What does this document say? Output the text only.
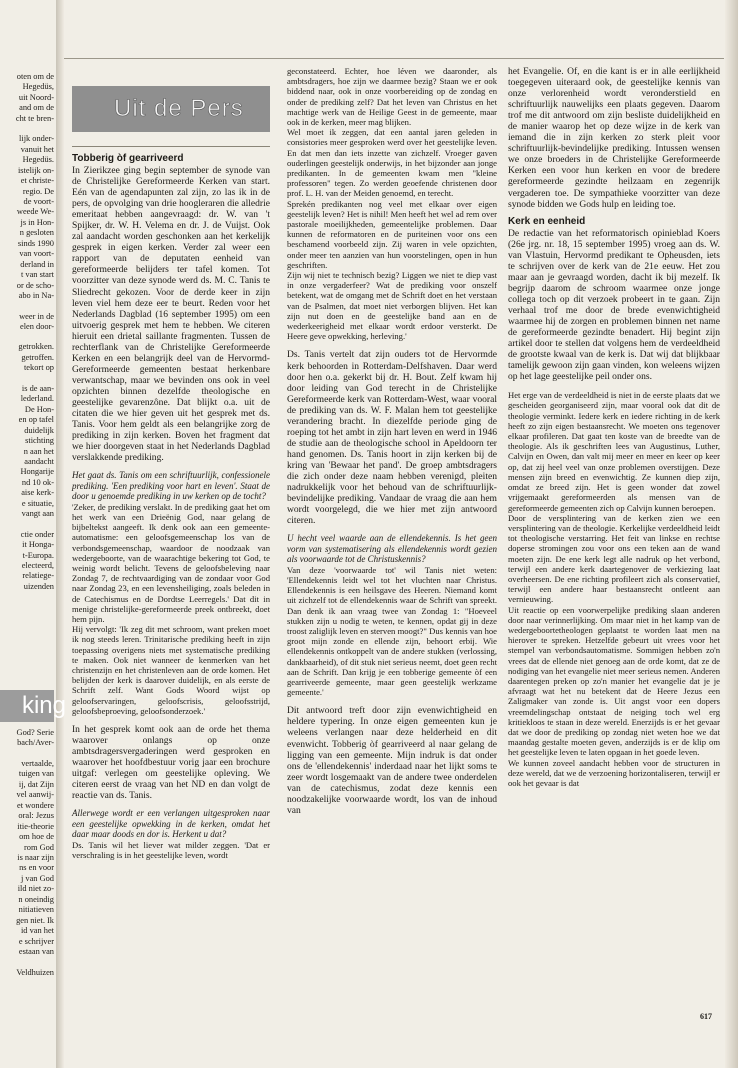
oten om de
Hegedüs,
uit Noord-
and om de
cht te bren-
lijk onder-
vanuit het
Hegedüs.
istelijk on-
et christe-
regio. De
de voort-
weede We-
js in Hon-
n gesloten
sinds 1990
van voort-
derland in
t van start
or de scho-
abo in Na-
weer in de
elen door-
getrokken.
getroffen.
tekort op
is de aan-
lederland.
De Hon-
en op tafel
duidelijk
stichting
n aan het
aandacht
Hongarije
nd 10 ok-
aise kerk-
e situatie,
vangt aan
ctie onder
it Honga-
t-Europa.
electeerd,
relatiege-
uizenden
king
God? Serie
bach/Aver-
vertaalde,
tuigen van
ij, dat Zijn
vel aanwij-
et wondere
oral: Jezus
itie-theorie
om hoe de
rom God
is naar zijn
ns en voor
j van God
ild niet zo-
n oneindig
nitiatieven
gen niet. Ik
id van het
e schrijver
estaan van
Veldhuizen
Uit de Pers
Tobberig òf gearriveerd

In Zierikzee ging begin september de synode van de Christelijke Gereformeerde Kerken van start. Eén van de agendapunten zal zijn, zo las ik in de pers, de opvolging van drie hoogleraren die alledrie emeritaat hebben aangevraagd: dr. W. van 't Spijker, dr. W. H. Velema en dr. J. de Vuijst. Ook zal aandacht worden geschonken aan het kerkelijk gesprek in eigen kerken. Verder zal weer een rapport van de deputaten eenheid van gereformeerde belijders ter tafel komen. Tot voorzitter van deze synode werd ds. M. C. Tanis te Sliedrecht gekozen. Voor de derde keer in zijn leven viel hem deze eer te beurt. Reden voor het Nederlands Dagblad (16 september 1995) om een uitvoerig gesprek met hem te hebben. We citeren hieruit een drietal saillante fragmenten. Tussen de rechterflank van de Christelijke Gereformeerde Kerken en een belangrijk deel van de Hervormd-Gereformeerde gemeenten bestaat herkenbare verwantschap, maar we bevinden ons ook in veel opzichten binnen dezelfde theologische en geestelijke gevarenzône. Dat blijkt o.a. uit de citaten die we hier geven uit het gesprek met ds. Tanis. Voor hem geldt als een belangrijke zorg de prediking in zijn kerken. Boven het fragment dat we hier doorgeven staat in het Nederlands Dagblad verslakkende prediking.

Het gaat ds. Tanis om een schriftuurlijk, confessionele prediking. 'Een prediking voor hart en leven'. Staat de door u genoemde prediking in uw kerken op de tocht?

'Zeker, de prediking verslakt. In de prediking gaat het om het werk van een Drieënig God, naar gelang de bijbeltekst aangeeft. Ik denk ook aan een gemeente-automatisme: een geloofsgemeenschap los van de verbondsgemeenschap, waardoor de noodzaak van wedergeboorte, van de waarachtige bekering tot God, te weinig wordt belicht. Tevens de geloofsbeleving naar Zondag 7, de rechtvaardiging van de zondaar voor God naar Zondag 23, en een levensheiliging, zoals beleden in de Catechismus en de Dordtse Leerregels.' Dat dit in menige christelijke-gereformeerde preek ontbreekt, doet hem pijn.

Hij vervolgt: 'Ik zeg dit met schroom, want preken moet ik nog steeds leren. Trinitarische prediking heeft in zijn toepassing overigens niets met systematische prediking te maken. Ook niet wanneer de kenmerken van het christenzijn en het christenleven aan de orde komen. Het belijden der kerk is daarover duidelijk, en als eerste de Schrift zelf. Want Gods Woord wijst op geloofservaringen, geloofscrisis, geloofsstrijd, geloofsbeproeving, geloofsonderzoek.'

In het gesprek komt ook aan de orde het thema waarover onlangs op onze ambtsdragersvergaderingen werd gesproken en waarover het hoofdbestuur vorig jaar een brochure uitgaf: verlegen om geestelijke opleving. We citeren eerst de vraag van het ND en dan volgt de reactie van ds. Tanis.

Allerwege wordt er een verlangen uitgesproken naar een geestelijke opwekking in de kerken, omdat het daar maar doods en dor is. Herkent u dat?

Ds. Tanis wil het liever wat milder zeggen. 'Dat er verschraling is in het geestelijke leven, wordt

geconstateerd. Echter, hoe léven we daaronder, als ambtsdragers, hoe zijn we daarmee bezig? Staan we er ook biddend naar, ook in onze voorbereiding op de zondag en onder de prediking zelf? Dat het leven van Christus en het machtige werk van de Heilige Geest in de gemeente, maar ook in de kerken, meer mag blijken.

Wel moet ik zeggen, dat een aantal jaren geleden in consistories meer gesproken werd over het geestelijke leven. En dat men dan iets inzette van zichzelf. Vroeger gaven ouderlingen geestelijk onderwijs, in het bijzonder aan jonge predikanten. In de gemeenten kwam men "kleine professoren" tegen. Zo werden geoefende christenen door prof. L. H. van der Meiden genoemd, en terecht.

Sprekén predikanten nog veel met elkaar over eigen geestelijk leven? Het is nihil! Men heeft het wel ad rem over pastorale moeilijkheden, gemeentelijke problemen. Daar kunnen de reformatoren en de puriteinen voor ons een beschamend voorbeeld zijn. Zij waren in vele opzichten, onder meer ten aanzien van hun voorstelingen, open in hun geschriften.

Zijn wij niet te technisch bezig? Liggen we niet te diep vast in onze vergaderfeer? Wat de prediking voor onszelf betekent, wat de omgang met de Schrift doet en het verstaan van de Psalmen, dat moet niet verborgen blijven. Het kan zijn nut doen en de geestelijke band aan en de wederkeerigheid met elkaar wordt erdoor versterkt. De Heere geve opwekking, herleving.'

Ds. Tanis vertelt dat zijn ouders tot de Hervormde kerk behoorden in Rotterdam-Delfshaven. Daar werd door hen o.a. gekerkt bij dr. H. Bout. Zelf kwam hij door leiding van God terecht in de Christelijke Gereformeerde kerk van Rotterdam-West, waar vooral de prediking van ds. W. F. Malan hem tot geestelijke verandering bracht. In diezelfde periode ging de roeping tot het ambt in zijn hart leven en werd in 1946 de studie aan de theologische school in Apeldoorn ter hand genomen. Ds. Tanis hoort in zijn kerken bij de kring van 'Bewaar het pand'. De groep ambtsdragers die zich onder deze naam hebben verenigd, pleiten nadrukkelijk voor het behoud van de schriftuurlijk-bevindelijke prediking. Vandaar de vraag die aan hem wordt voorgelegd, die we hier met zijn antwoord citeren.

U hecht veel waarde aan de ellendekennis. Is het geen vorm van systematisering als ellendekennis wordt gezien als voorwaarde tot de Christuskennis?

Van deze 'voorwaarde tot' wil Tanis niet weten: 'Ellendekennis leidt wel tot het vluchten naar Christus. Ellendekennis is een heilsgave des Heeren. Niemand komt uit zichzelf tot de ellendekennis waar de Schrift van spreekt. Dan denk ik aan vraag twee van Zondag 1: "Hoeveel stukken zijn u nodig te weten, te kennen, opdat gij in deze troost zaliglijk leven en sterven moogt?" Dus kennis van hoe groot mijn zonde en ellende zijn, behoort erbij. Wie ellendekennis ontkoppelt van de andere stukken (verlossing, dankbaarheid), of dit stuk niet serieus neemt, doet geen recht aan de Schrift. Dan krijg je een tobberige gemeente òf een gearriveerde gemeente, maar geen geestelijk werkzame gemeente.'

Dit antwoord treft door zijn evenwichtigheid en heldere typering. In onze eigen gemeenten kun je weleens verlangen naar deze helderheid en dit evenwicht. Tobberig òf gearriveerd al naar gelang de ligging van een gemeente. Mijn indruk is dat onder ons de 'ellendekennis' inderdaad naar het lijkt soms te zeer wordt losgemaakt van de andere twee onderdelen van de catechismus, zodat deze kennis een noodzakelijke voorwaarde wordt, los van de inhoud van

het Evangelie. Of, en die kant is er in alle eerlijkheid toegegeven uiteraard ook, de geestelijke kennis van onze verlorenheid wordt veronderstield en schriftuurlijk nauwelijks een plaats gegeven. Daarom trof me dit antwoord om zijn besliste duidelijkheid en de manier waarop het op deze wijze in de kerk van iemand die in zijn kerken zo sterk pleit voor schriftuurlijk-bevindelijke prediking. Intussen wensen we onze broeders in de Christelijke Gereformeerde Kerken een voor hun kerken en voor de bredere gereformeerde gezindte heilzaam en zegenrijk vergaderen toe. De sympathieke voorzitter van deze synode bidden we Gods hulp en leiding toe.

Kerk en eenheid

De redactie van het reformatorisch opinieblad Koers (26e jrg. nr. 18, 15 september 1995) vroeg aan ds. W. van Vlastuin, Hervormd predikant te Opheusden, iets te schrijven over de kerk van de 21e eeuw. Het zou maar aan je gevraagd worden, dacht ik bij mezelf. Ik begrijp daarom de schroom waarmee onze jonge collega toch op dit verzoek probeert in te gaan. Zijn verhaal trof me door de brede evenwichtigheid waarmee hij de zorgen en problemen binnen net name de gereformeerde gezindte benadert. Hij begint zijn artikel door te stellen dat volgens hem de verdeeldheid de grootste kwaal van de kerk is. Dat wij dat blijkbaar tamelijk gewoon zijn gaan vinden, kon weleens wijzen op het lage geestelijke peil onder ons.

Het erge van de verdeeldheid is niet in de eerste plaats dat we gescheiden georganiseerd zijn, maar vooral ook dat dit de theologie verminkt. Iedere kerk en iedere richting in de kerk heeft zo zijn eigen bestaansrecht. We moeten ons tegenover elkaar profileren. Dat gaat ten koste van de breedte van de theologie. Als ik geschriften lees van Augustinus, Luther, Calvijn en Owen, dan valt mij meer en meer en keer op keer op, dat zij heel veel van onze problemen overstijgen. Deze mensen zijn breed en evenwichtig. Ze kunnen diep zijn, omdat ze breed zijn. Het is geen wonder dat zowel vrijgemaakt gereformeerden als mensen van de gereformeerde gemeenten zich op Calvijn kunnen beroepen.

Door de versplintering van de kerken zien we een versplintering van de theologie. Kerkelijke verdeeldheid leidt tot theologische verstarring. Het feit van linkse en rechtse doperse stromingen zou voor ons een teken aan de wand moeten zijn. De ene kerk legt alle nadruk op het verbond, terwijl een andere kerk daartegenover de verkiezing laat overheersen. De ene richting profileert zich als conservatief, terwijl een andere haar bestaansrecht ontleent aan vernieuwing.

Uit reactie op een voorwerpelijke prediking slaan anderen door naar verinnerlijking. Om maar niet in het kamp van de wedergeboortetheologen geplaatst te worden laat men na hierover te spreken. Hetzelfde gebeurt uit vrees voor het stempel van verbondsautomatisme. Sommigen hebben zo'n vrees dat de ellende niet genoeg aan de orde komt, dat ze de nodiging van het evangelie niet meer serieus nemen. Anderen daarentegen preken op zo'n manier het evangelie dat je je afvraagt wat het nu betekent dat de Heere Jezus een Zaligmaker van zonde is. Uit angst voor een dopers vreemdelingschap ontstaat de neiging toch wel erg kritiekloos te staan in deze wereld. Enerzijds is er het gevaar dat we door de prediking op zondag niet weten hoe we dat maandag gestalte moeten geven, anderzijds is er de klip om het geestelijke leven te laten opgaan in het goede leven.

We kunnen zoveel aandacht hebben voor de structuren in deze wereld, dat we de verzoening horizontaliseren, terwijl er ook het gevaar is dat

617
